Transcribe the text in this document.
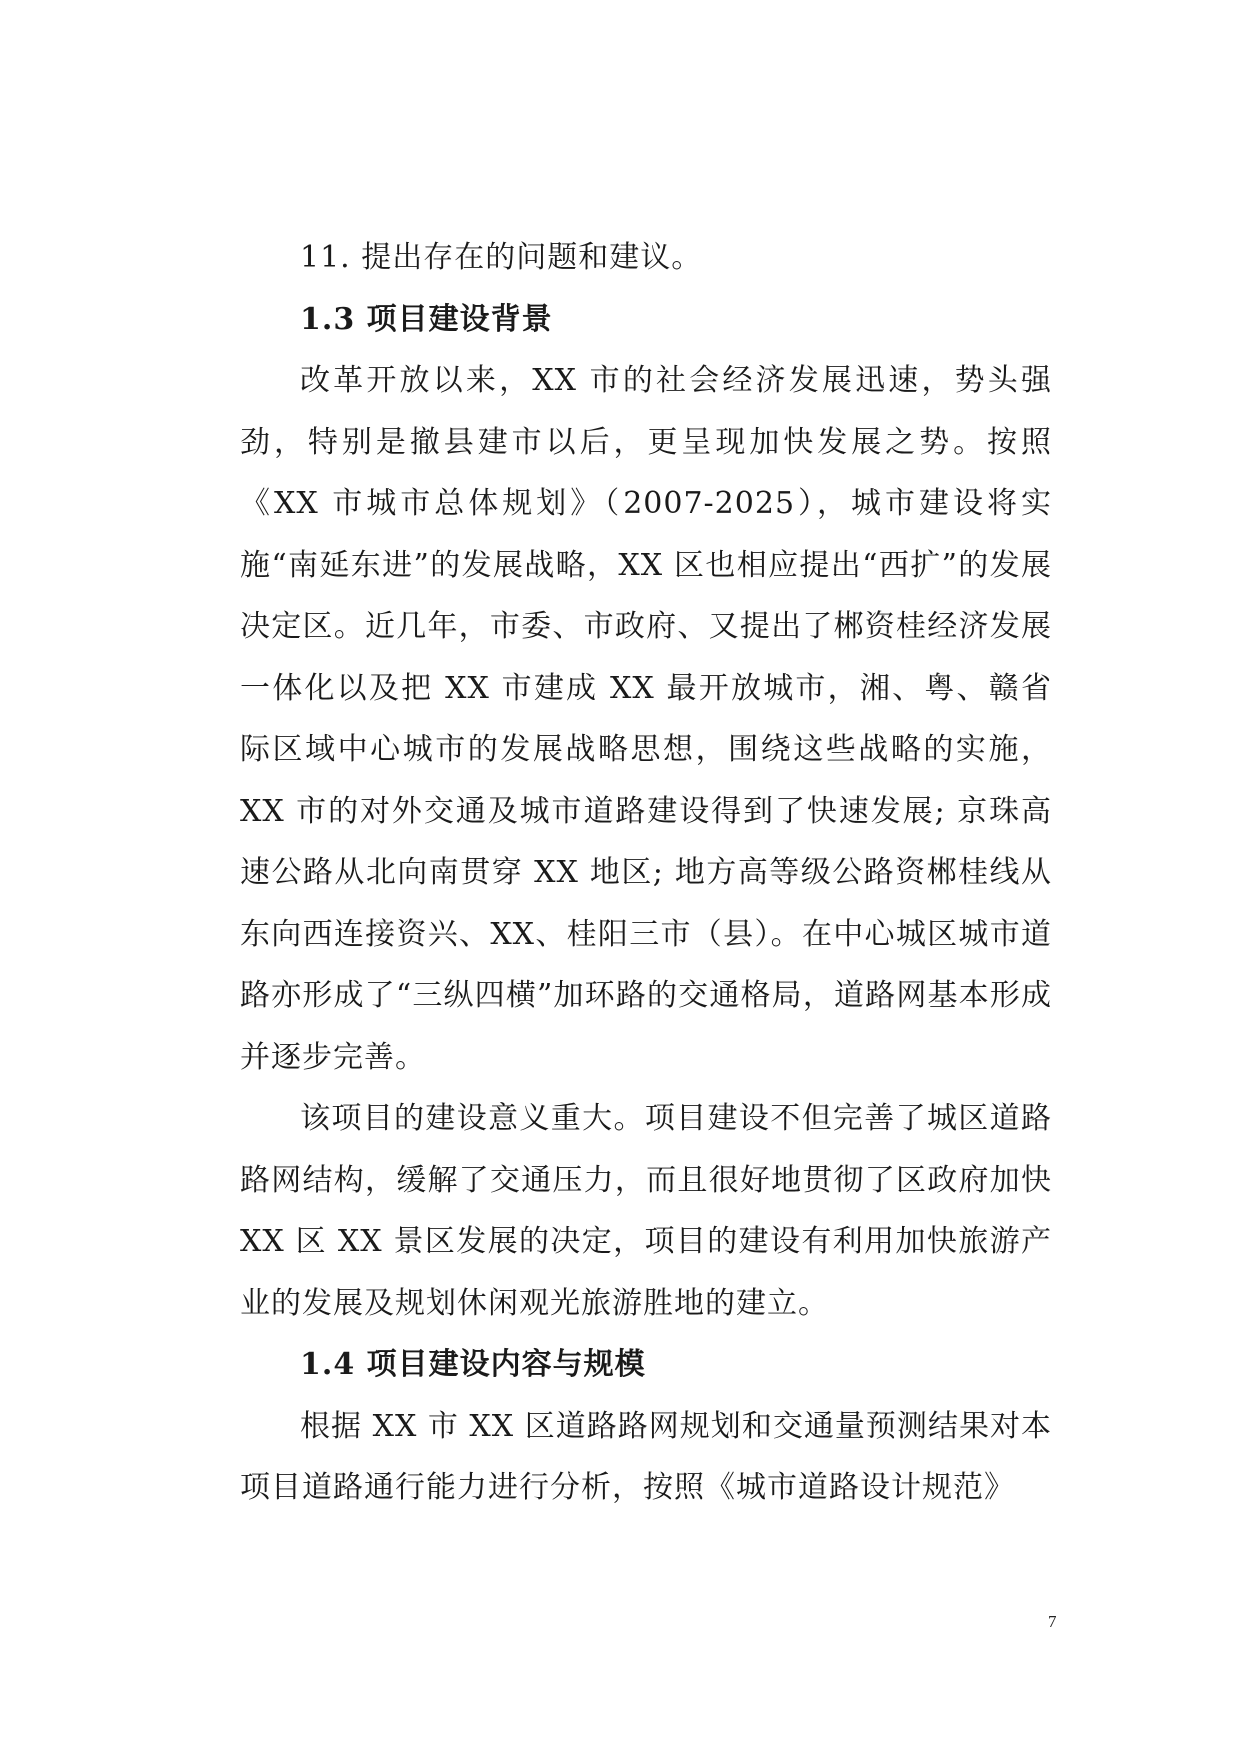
11. 提出存在的问题和建议。

1.3 项目建设背景

改革开放以来，XX 市的社会经济发展迅速，势头强劲，特别是撤县建市以后，更呈现加快发展之势。按照《XX 市城市总体规划》（2007-2025），城市建设将实施“南延东进”的发展战略，XX 区也相应提出“西扩”的发展决定区。近几年，市委、市政府、又提出了郴资桂经济发展一体化以及把 XX 市建成 XX 最开放城市，湘、粤、赣省际区域中心城市的发展战略思想，围绕这些战略的实施，XX 市的对外交通及城市道路建设得到了快速发展; 京珠高速公路从北向南贯穿 XX 地区; 地方高等级公路资郴桂线从东向西连接资兴、XX、桂阳三市（县）。在中心城区城市道路亦形成了“三纵四横”加环路的交通格局，道路网基本形成并逐步完善。

该项目的建设意义重大。项目建设不但完善了城区道路路网结构，缓解了交通压力，而且很好地贯彻了区政府加快 XX 区 XX 景区发展的决定，项目的建设有利用加快旅游产业的发展及规划休闲观光旅游胜地的建立。

1.4 项目建设内容与规模

根据 XX 市 XX 区道路路网规划和交通量预测结果对本项目道路通行能力进行分析，按照《城市道路设计规范》

7
